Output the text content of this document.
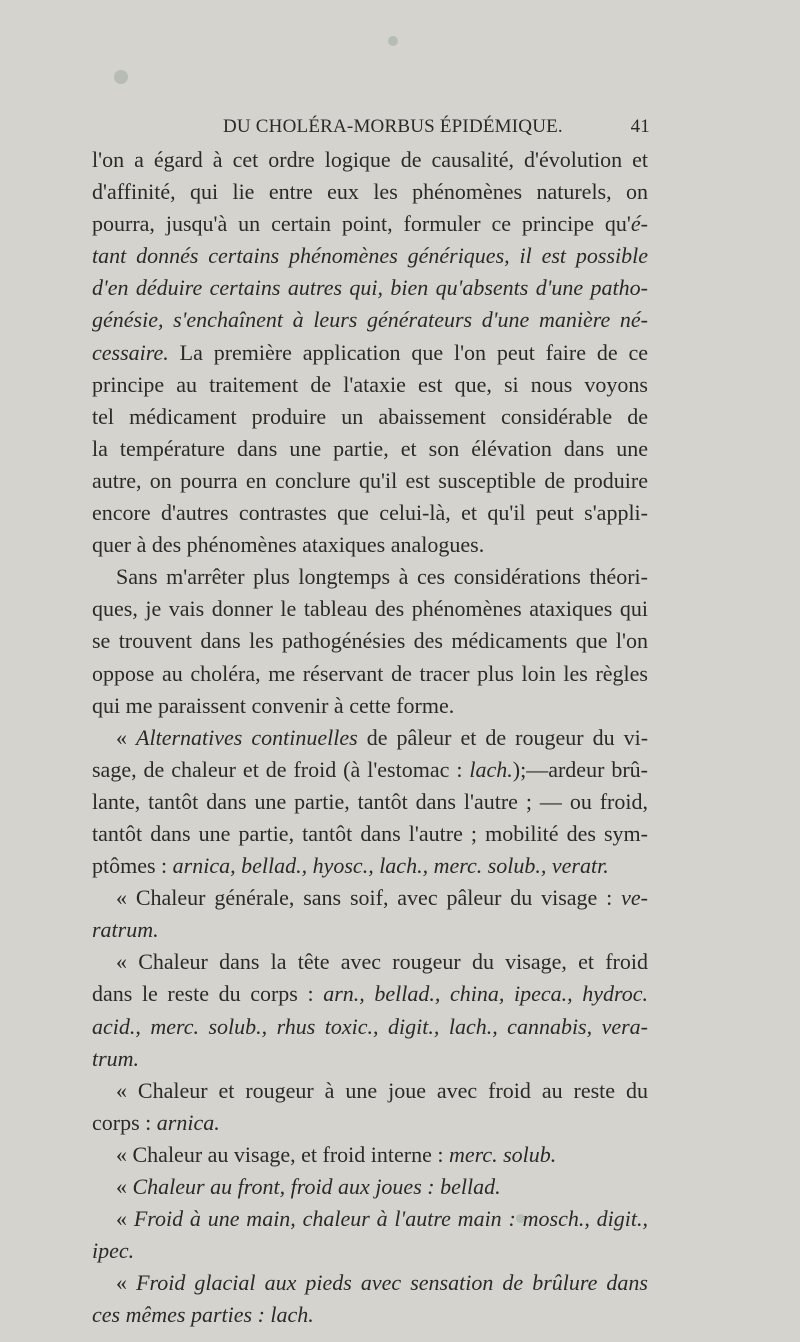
DU CHOLÉRA-MORBUS ÉPIDÉMIQUE.	41
l'on a égard à cet ordre logique de causalité, d'évolution et
d'affinité, qui lie entre eux les phénomènes naturels, on
pourra, jusqu'à un certain point, formuler ce principe qu'é-
tant donnés certains phénomènes génériques, il est possible
d'en déduire certains autres qui, bien qu'absents d'une patho-
génésie, s'enchaînent à leurs générateurs d'une manière né-
cessaire. La première application que l'on peut faire de ce
principe au traitement de l'ataxie est que, si nous voyons
tel médicament produire un abaissement considérable de
la température dans une partie, et son élévation dans une
autre, on pourra en conclure qu'il est susceptible de produire
encore d'autres contrastes que celui-là, et qu'il peut s'appli-
quer à des phénomènes ataxiques analogues.
Sans m'arrêter plus longtemps à ces considérations théori-
ques, je vais donner le tableau des phénomènes ataxiques qui
se trouvent dans les pathogénésies des médicaments que l'on
oppose au choléra, me réservant de tracer plus loin les règles
qui me paraissent convenir à cette forme.
« Alternatives continuelles de pâleur et de rougeur du vi-
sage, de chaleur et de froid (à l'estomac : lach.);—ardeur brû-
lante, tantôt dans une partie, tantôt dans l'autre ; — ou froid,
tantôt dans une partie, tantôt dans l'autre ; mobilité des sym-
ptômes : arnica, bellad., hyosc., lach., merc. solub., veratr.
« Chaleur générale, sans soif, avec pâleur du visage : ve-
ratrum.
« Chaleur dans la tête avec rougeur du visage, et froid
dans le reste du corps : arn., bellad., china, ipeca., hydroc.
acid., merc. solub., rhus toxic., digit., lach., cannabis, vera-
trum.
« Chaleur et rougeur à une joue avec froid au reste du
corps : arnica.
« Chaleur au visage, et froid interne : merc. solub.
« Chaleur au front, froid aux joues : bellad.
« Froid à une main, chaleur à l'autre main : mosch., digit.,
ipec.
« Froid glacial aux pieds avec sensation de brûlure dans
ces mêmes parties : lach.
